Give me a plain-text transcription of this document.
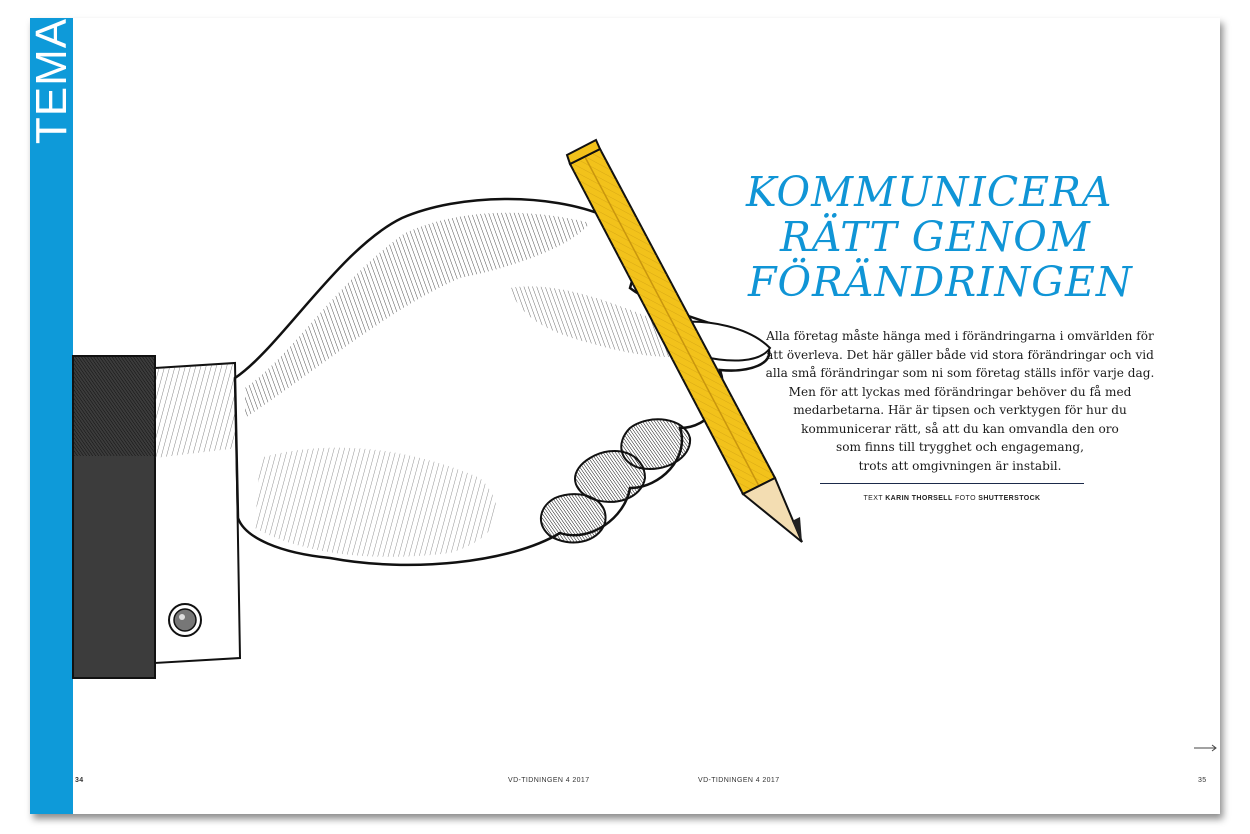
TEMA
KOMMUNICERA
RÄTT GENOM
FÖRÄNDRINGEN

Alla företag måste hänga med i förändringarna i omvärlden för
att överleva. Det här gäller både vid stora förändringar och vid
alla små förändringar som ni som företag ställs inför varje dag.
Men för att lyckas med förändringar behöver du få med
medarbetarna. Här är tipsen och verktygen för hur du
kommunicerar rätt, så att du kan omvandla den oro
som finns till trygghet och engagemang,
trots att omgivningen är instabil.

TEXT KARIN THORSELL FOTO SHUTTERSTOCK
34	VD-TIDNINGEN 4 2017	VD-TIDNINGEN 4 2017	35
